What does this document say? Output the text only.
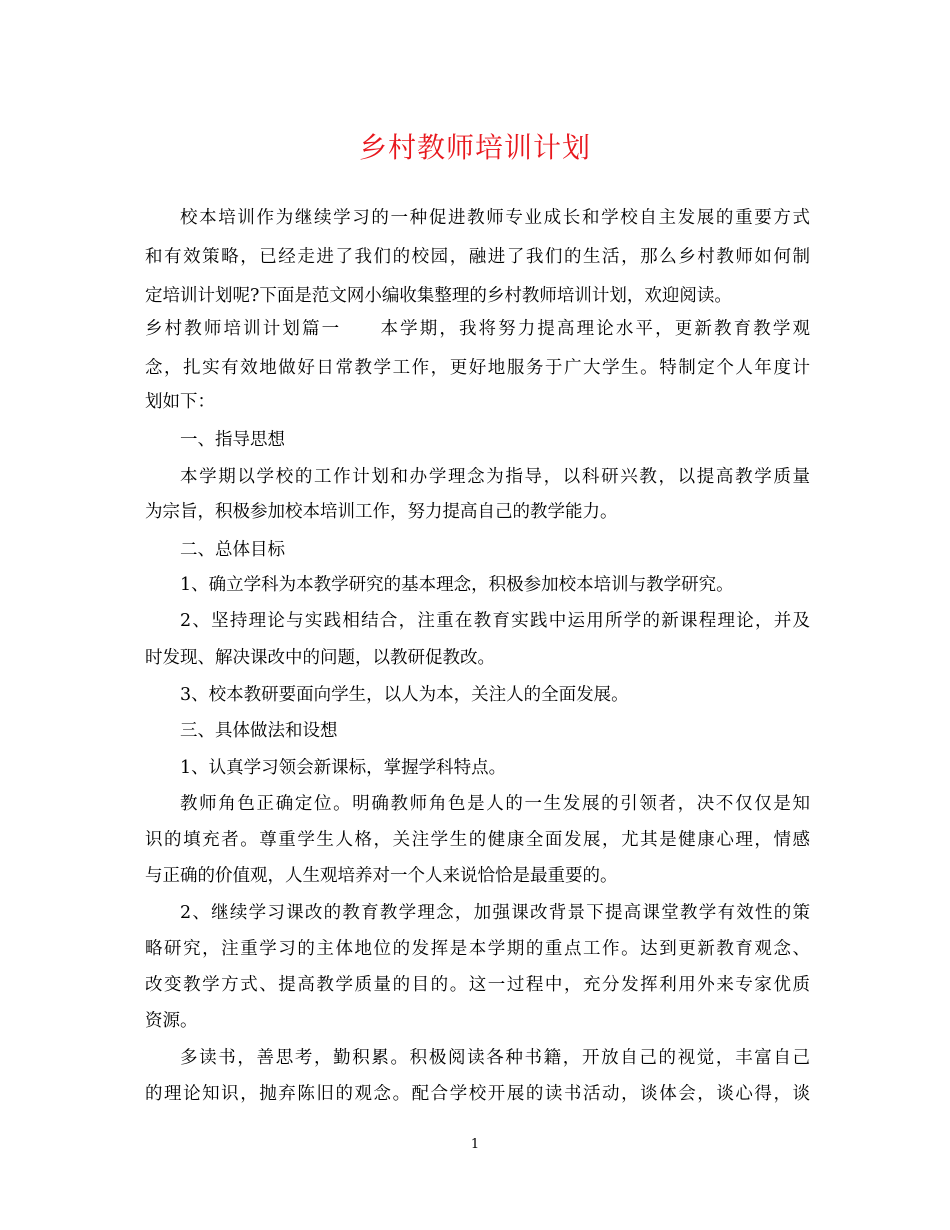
乡村教师培训计划
校本培训作为继续学习的一种促进教师专业成长和学校自主发展的重要方式
和有效策略，已经走进了我们的校园，融进了我们的生活，那么乡村教师如何制
定培训计划呢?下面是范文网小编收集整理的乡村教师培训计划，欢迎阅读。
乡村教师培训计划篇一　　本学期，我将努力提高理论水平，更新教育教学观
念，扎实有效地做好日常教学工作，更好地服务于广大学生。特制定个人年度计
划如下：
一、指导思想
本学期以学校的工作计划和办学理念为指导，以科研兴教，以提高教学质量
为宗旨，积极参加校本培训工作，努力提高自己的教学能力。
二、总体目标
1、确立学科为本教学研究的基本理念，积极参加校本培训与教学研究。
2、坚持理论与实践相结合，注重在教育实践中运用所学的新课程理论，并及
时发现、解决课改中的问题，以教研促教改。
3、校本教研要面向学生，以人为本，关注人的全面发展。
三、具体做法和设想
1、认真学习领会新课标，掌握学科特点。
教师角色正确定位。明确教师角色是人的一生发展的引领者，决不仅仅是知
识的填充者。尊重学生人格，关注学生的健康全面发展，尤其是健康心理，情感
与正确的价值观，人生观培养对一个人来说恰恰是最重要的。
2、继续学习课改的教育教学理念，加强课改背景下提高课堂教学有效性的策
略研究，注重学习的主体地位的发挥是本学期的重点工作。达到更新教育观念、
改变教学方式、提高教学质量的目的。这一过程中，充分发挥利用外来专家优质
资源。
多读书，善思考，勤积累。积极阅读各种书籍，开放自己的视觉，丰富自己
的理论知识，抛弃陈旧的观念。配合学校开展的读书活动，谈体会，谈心得，谈
1
